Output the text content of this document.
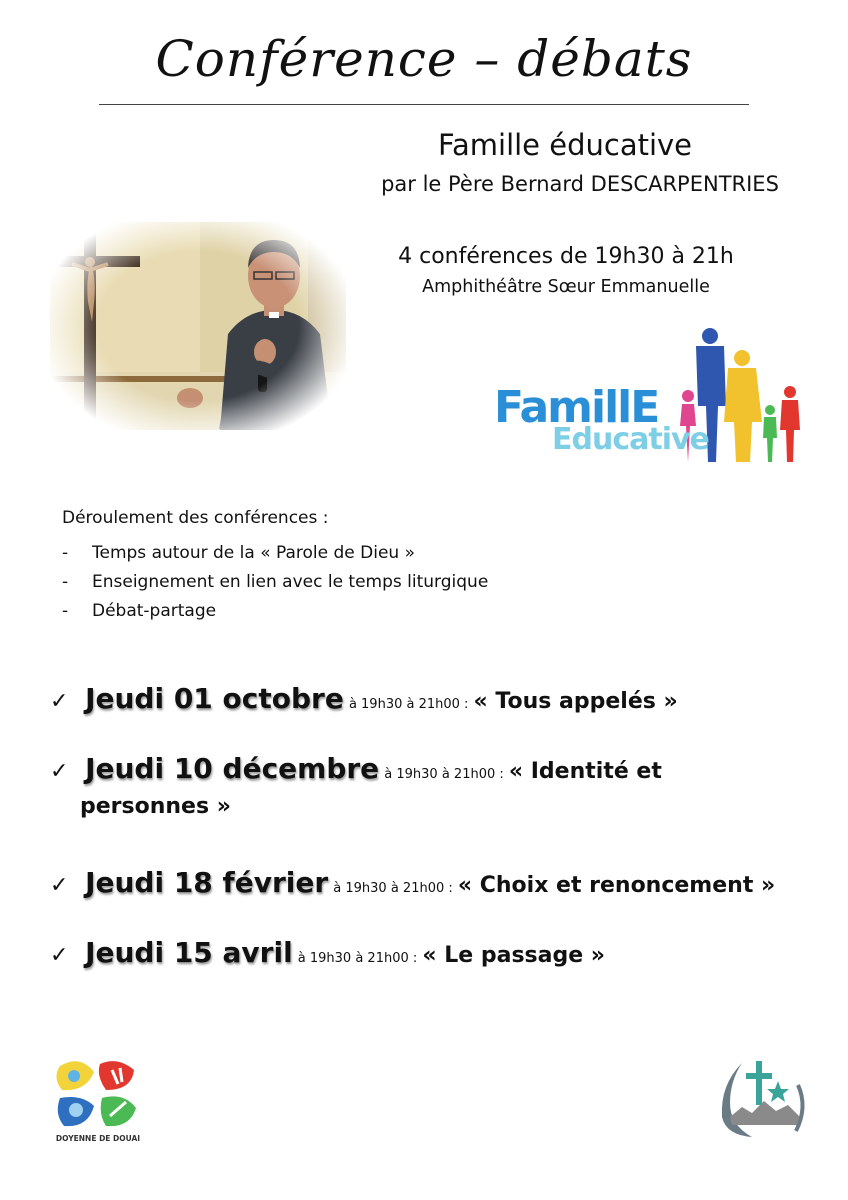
Conférence – débats
Famille éducative
par le Père Bernard DESCARPENTRIES
4 conférences de 19h30 à 21h
Amphithéâtre Sœur Emmanuelle
FamillE
Educative
Déroulement des conférences :
- Temps autour de la « Parole de Dieu »
- Enseignement en lien avec le temps liturgique
- Débat-partage
✓ Jeudi 01 octobre à 19h30 à 21h00 : « Tous appelés »
✓ Jeudi 10 décembre à 19h30 à 21h00 : « Identité et
personnes »
✓ Jeudi 18 février à 19h30 à 21h00 : « Choix et renoncement »
✓ Jeudi 15 avril à 19h30 à 21h00 : « Le passage »
DOYENNE DE DOUAI
